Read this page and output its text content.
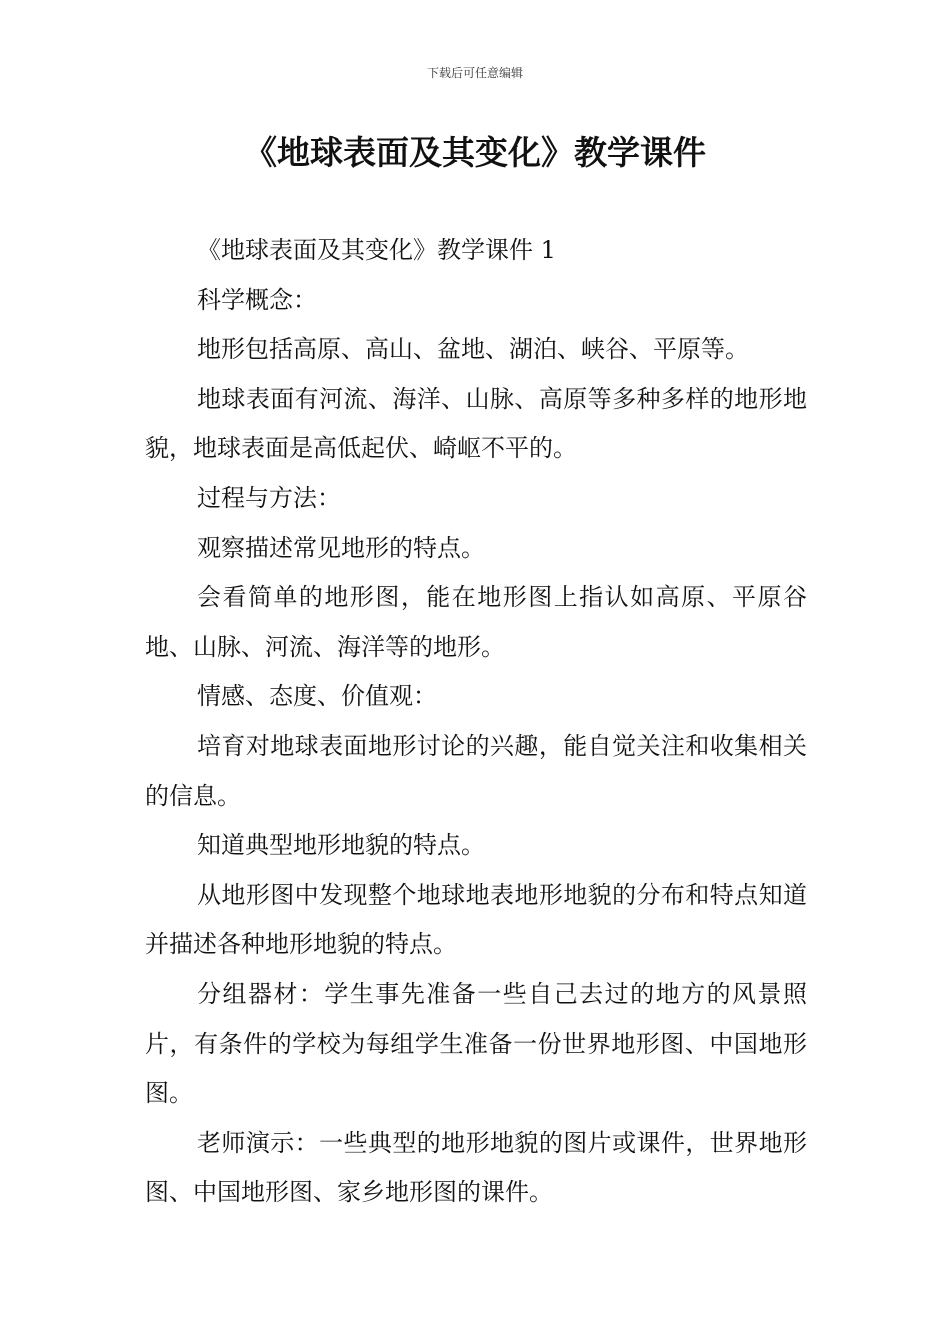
下载后可任意编辑
《地球表面及其变化》教学课件

《地球表面及其变化》教学课件 1

科学概念：

地形包括高原、高山、盆地、湖泊、峡谷、平原等。

地球表面有河流、海洋、山脉、高原等多种多样的地形地貌，地球表面是高低起伏、崎岖不平的。

过程与方法：

观察描述常见地形的特点。

会看简单的地形图，能在地形图上指认如高原、平原谷地、山脉、河流、海洋等的地形。

情感、态度、价值观：

培育对地球表面地形讨论的兴趣，能自觉关注和收集相关的信息。

知道典型地形地貌的特点。

从地形图中发现整个地球地表地形地貌的分布和特点知道并描述各种地形地貌的特点。

分组器材：学生事先准备一些自己去过的地方的风景照片，有条件的学校为每组学生准备一份世界地形图、中国地形图。

老师演示：一些典型的地形地貌的图片或课件，世界地形图、中国地形图、家乡地形图的课件。
